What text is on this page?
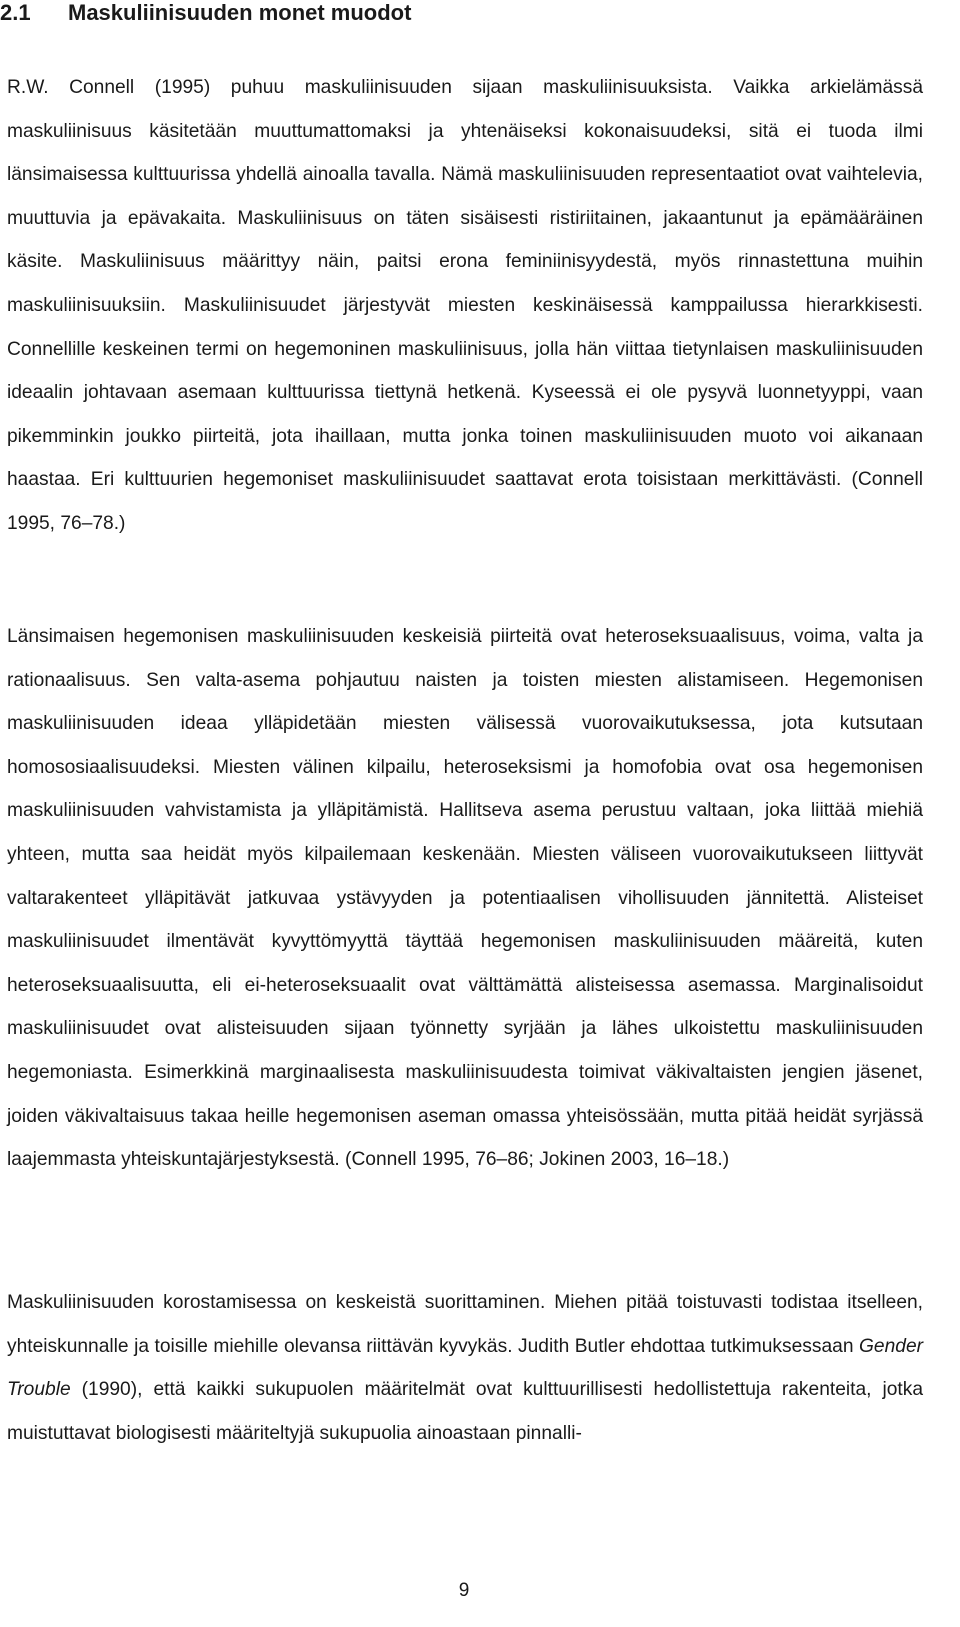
2.1 Maskuliinisuuden monet muodot

R.W. Connell (1995) puhuu maskuliinisuuden sijaan maskuliinisuuksista. Vaikka arkielämässä maskuliinisuus käsitetään muuttumattomaksi ja yhtenäiseksi kokonaisuudeksi, sitä ei tuoda ilmi länsimaisessa kulttuurissa yhdellä ainoalla tavalla. Nämä maskuliinisuuden representaatiot ovat vaihtelevia, muuttuvia ja epävakaita. Maskuliinisuus on täten sisäisesti ristiriitainen, jakaantunut ja epämääräinen käsite. Maskuliinisuus määrittyy näin, paitsi erona feminiinisyydestä, myös rinnastettuna muihin maskuliinisuuksiin. Maskuliinisuudet järjestyvät miesten keskinäisessä kamppailussa hierarkkisesti. Connellille keskeinen termi on hegemoninen maskuliinisuus, jolla hän viittaa tietynlaisen maskuliinisuuden ideaalin johtavaan asemaan kulttuurissa tiettynä hetkenä. Kyseessä ei ole pysyvä luonnetyyppi, vaan pikemminkin joukko piirteitä, jota ihaillaan, mutta jonka toinen maskuliinisuuden muoto voi aikanaan haastaa. Eri kulttuurien hegemoniset maskuliinisuudet saattavat erota toisistaan merkittävästi. (Connell 1995, 76–78.)

Länsimaisen hegemonisen maskuliinisuuden keskeisiä piirteitä ovat heteroseksuaalisuus, voima, valta ja rationaalisuus. Sen valta-asema pohjautuu naisten ja toisten miesten alistamiseen. Hegemonisen maskuliinisuuden ideaa ylläpidetään miesten välisessä vuorovaikutuksessa, jota kutsutaan homososiaalisuudeksi. Miesten välinen kilpailu, heteroseksismi ja homofobia ovat osa hegemonisen maskuliinisuuden vahvistamista ja ylläpitämistä. Hallitseva asema perustuu valtaan, joka liittää miehiä yhteen, mutta saa heidät myös kilpailemaan keskenään. Miesten väliseen vuorovaikutukseen liittyvät valtarakenteet ylläpitävät jatkuvaa ystävyyden ja potentiaalisen vihollisuuden jännitettä. Alisteiset maskuliinisuudet ilmentävät kyvyttömyyttä täyttää hegemonisen maskuliinisuuden määreitä, kuten heteroseksuaalisuutta, eli ei-heteroseksuaalit ovat välttämättä alisteisessa asemassa. Marginalisoidut maskuliinisuudet ovat alisteisuuden sijaan työnnetty syrjään ja lähes ulkoistettu maskuliinisuuden hegemoniasta. Esimerkkinä marginaalisesta maskuliinisuudesta toimivat väkivaltaisten jengien jäsenet, joiden väkivaltaisuus takaa heille hegemonisen aseman omassa yhteisössään, mutta pitää heidät syrjässä laajemmasta yhteiskuntajärjestyksestä. (Connell 1995, 76–86; Jokinen 2003, 16–18.)

Maskuliinisuuden korostamisessa on keskeistä suorittaminen. Miehen pitää toistuvasti todistaa itselleen, yhteiskunnalle ja toisille miehille olevansa riittävän kyvykäs. Judith Butler ehdottaa tutkimuksessaan Gender Trouble (1990), että kaikki sukupuolen määritelmät ovat kulttuurillisesti hedollistettuja rakenteita, jotka muistuttavat biologisesti määriteltyjä sukupuolia ainoastaan pinnalli-

9
